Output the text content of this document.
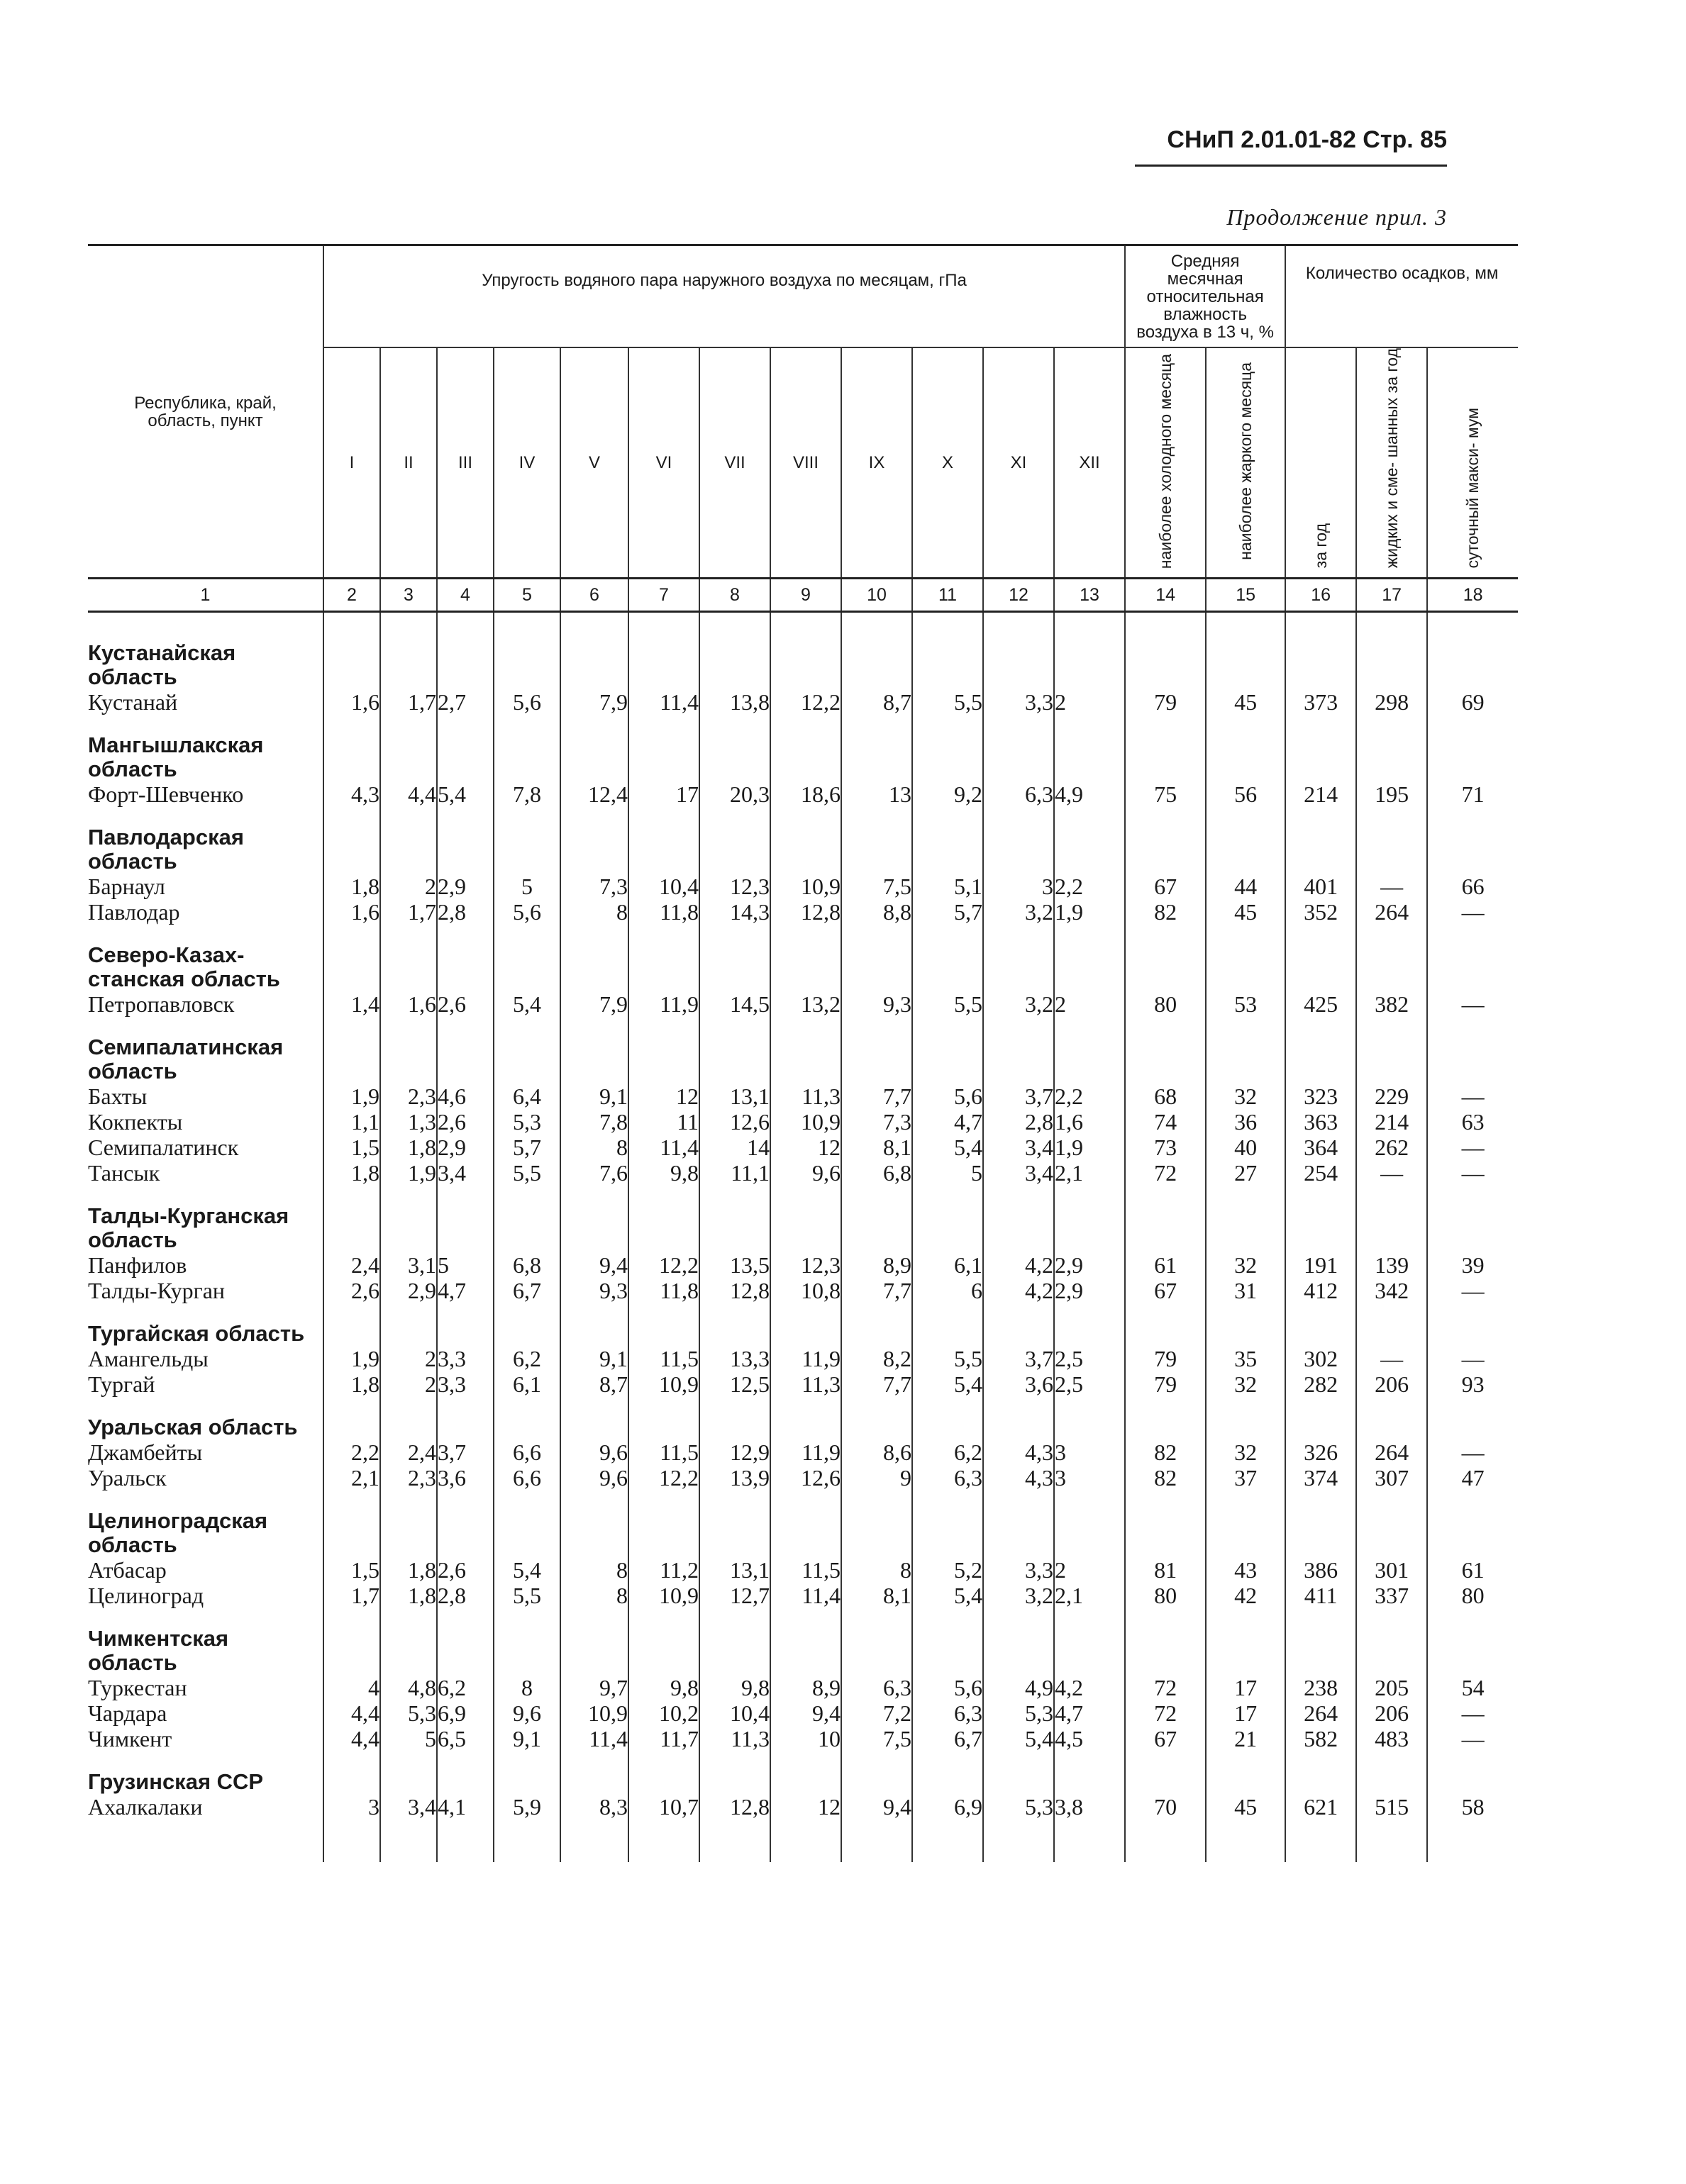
СНиП 2.01.01-82 Стр. 85
Продолжение прил. 3
Республика, край, область, пункт	Упругость водяного пара наружного воздуха по месяцам, гПа												Средняя месячная относительная влажность воздуха в 13 ч, %		Количество осадков, мм		
	I	II	III	IV	V	VI	VII	VIII	IX	X	XI	XII	наиболее холодного месяца	наиболее жаркого месяца	за год	жидких и сме- шанных за год	суточный макси- мум
1	2	3	4	5	6	7	8	9	10	11	12	13	14	15	16	17	18

Кустанайская область																	
Кустанай	1,6	1,7	2,7	5,6	7,9	11,4	13,8	12,2	8,7	5,5	3,3	2	79	45	373	298	69
Мангышлакская область																	
Форт-Шевченко	4,3	4,4	5,4	7,8	12,4	17	20,3	18,6	13	9,2	6,3	4,9	75	56	214	195	71
Павлодарская область																	
Барнаул	1,8	2	2,9	5	7,3	10,4	12,3	10,9	7,5	5,1	3	2,2	67	44	401	—	66
Павлодар	1,6	1,7	2,8	5,6	8	11,8	14,3	12,8	8,8	5,7	3,2	1,9	82	45	352	264	—
Северо-Казах- станская область																	
Петропавловск	1,4	1,6	2,6	5,4	7,9	11,9	14,5	13,2	9,3	5,5	3,2	2	80	53	425	382	—
Семипалатинская область																	
Бахты	1,9	2,3	4,6	6,4	9,1	12	13,1	11,3	7,7	5,6	3,7	2,2	68	32	323	229	—
Кокпекты	1,1	1,3	2,6	5,3	7,8	11	12,6	10,9	7,3	4,7	2,8	1,6	74	36	363	214	63
Семипалатинск	1,5	1,8	2,9	5,7	8	11,4	14	12	8,1	5,4	3,4	1,9	73	40	364	262	—
Тансык	1,8	1,9	3,4	5,5	7,6	9,8	11,1	9,6	6,8	5	3,4	2,1	72	27	254	—	—
Талды-Курганская область																	
Панфилов	2,4	3,1	5	6,8	9,4	12,2	13,5	12,3	8,9	6,1	4,2	2,9	61	32	191	139	39
Талды-Курган	2,6	2,9	4,7	6,7	9,3	11,8	12,8	10,8	7,7	6	4,2	2,9	67	31	412	342	—
Тургайская область																	
Амангельды	1,9	2	3,3	6,2	9,1	11,5	13,3	11,9	8,2	5,5	3,7	2,5	79	35	302	—	—
Тургай	1,8	2	3,3	6,1	8,7	10,9	12,5	11,3	7,7	5,4	3,6	2,5	79	32	282	206	93
Уральская область																	
Джамбейты	2,2	2,4	3,7	6,6	9,6	11,5	12,9	11,9	8,6	6,2	4,3	3	82	32	326	264	—
Уральск	2,1	2,3	3,6	6,6	9,6	12,2	13,9	12,6	9	6,3	4,3	3	82	37	374	307	47
Целиноградская область																	
Атбасар	1,5	1,8	2,6	5,4	8	11,2	13,1	11,5	8	5,2	3,3	2	81	43	386	301	61
Целиноград	1,7	1,8	2,8	5,5	8	10,9	12,7	11,4	8,1	5,4	3,2	2,1	80	42	411	337	80
Чимкентская область																	
Туркестан	4	4,8	6,2	8	9,7	9,8	9,8	8,9	6,3	5,6	4,9	4,2	72	17	238	205	54
Чардара	4,4	5,3	6,9	9,6	10,9	10,2	10,4	9,4	7,2	6,3	5,3	4,7	72	17	264	206	—
Чимкент	4,4	5	6,5	9,1	11,4	11,7	11,3	10	7,5	6,7	5,4	4,5	67	21	582	483	—
Грузинская ССР																	
Ахалкалаки	3	3,4	4,1	5,9	8,3	10,7	12,8	12	9,4	6,9	5,3	3,8	70	45	621	515	58
